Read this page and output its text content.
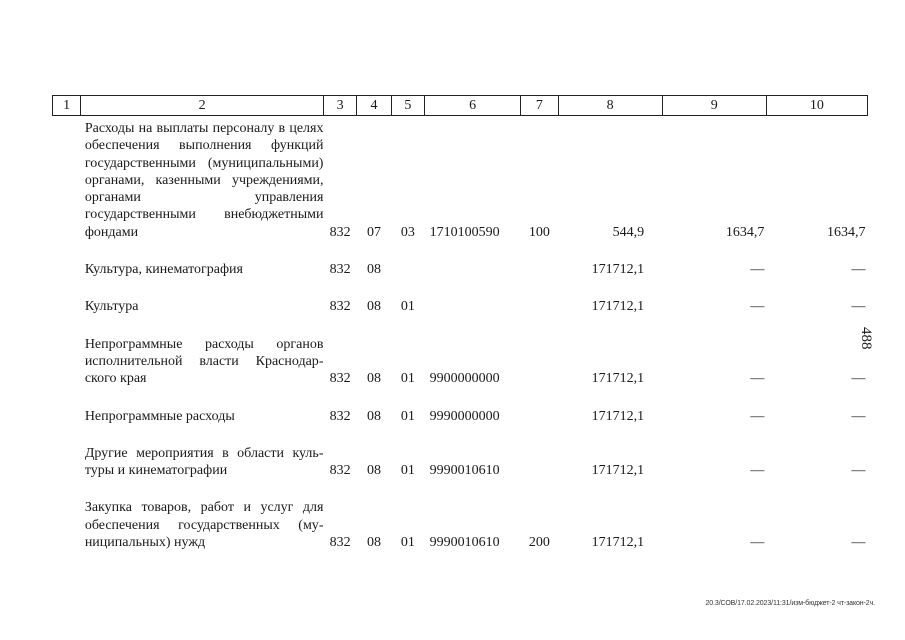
1	2	3	4	5	6	7	8	9	10
	Расходы на выплаты персоналу в целях обеспечения выполнения функций государственными (муниципальными) органами, казенными учреждениями, органами управления государственными внебюджетными фондами	832	07	03	1710100590	100	544,9	1634,7	1634,7

	Культура, кинематография	832	08				171712,1	—	—

	Культура	832	08	01			171712,1	—	—

	Непрограммные расходы органов исполнительной власти Краснодарского края	832	08	01	9900000000		171712,1	—	—

	Непрограммные расходы	832	08	01	9990000000		171712,1	—	—

	Другие мероприятия в области культуры и кинематографии	832	08	01	9990010610		171712,1	—	—

	Закупка товаров, работ и услуг для обеспечения государственных (муниципальных) нужд	832	08	01	9990010610	200	171712,1	—	—
488
20.3/СОВ/17.02.2023/11:31/изм-бюджет-2 чт-закон-2ч.
